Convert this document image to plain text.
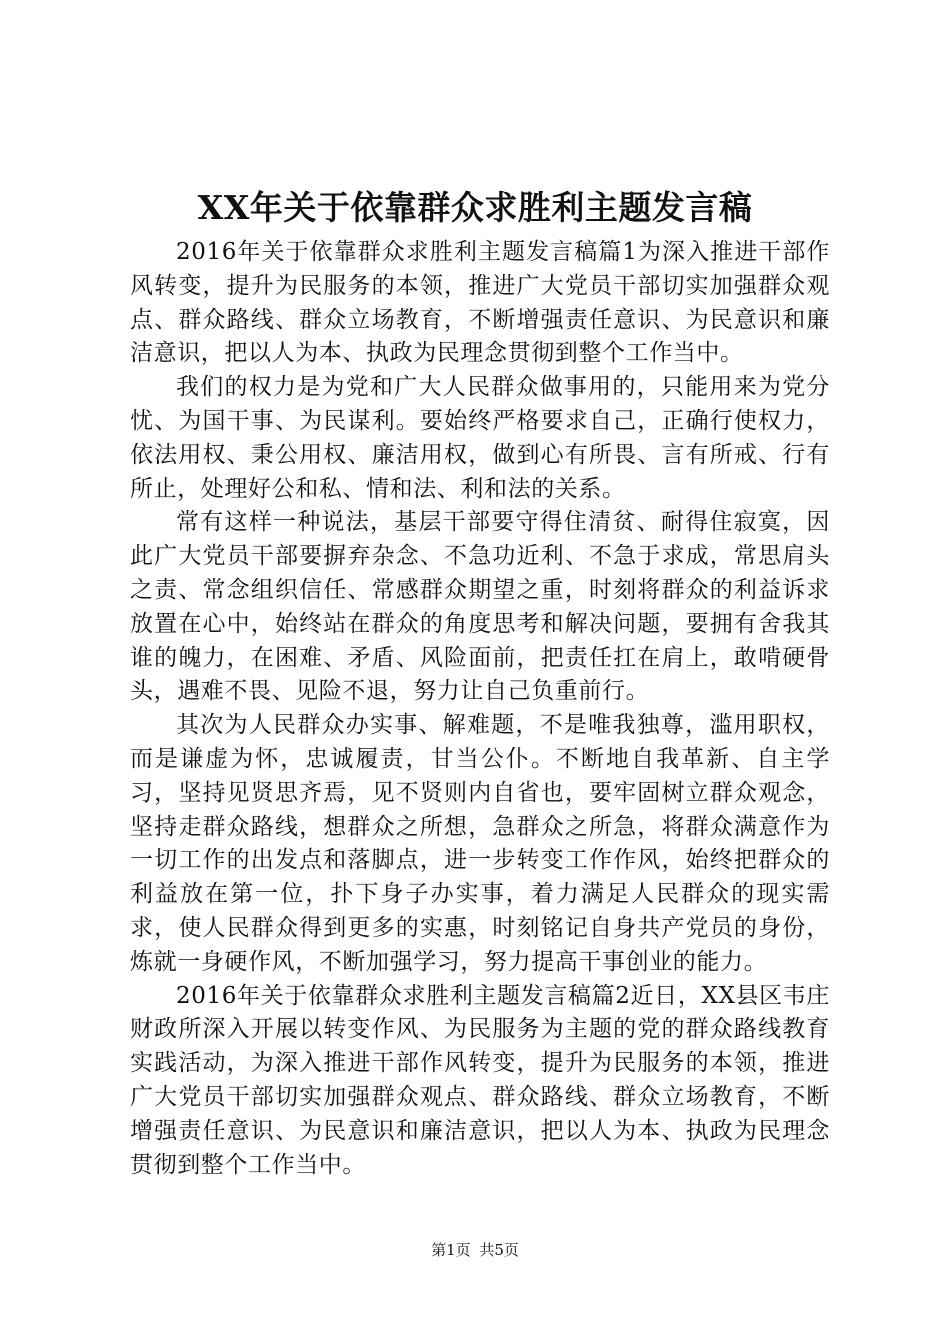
XX年关于依靠群众求胜利主题发言稿

2016年关于依靠群众求胜利主题发言稿篇1为深入推进干部作风转变，提升为民服务的本领，推进广大党员干部切实加强群众观点、群众路线、群众立场教育，不断增强责任意识、为民意识和廉洁意识，把以人为本、执政为民理念贯彻到整个工作当中。

我们的权力是为党和广大人民群众做事用的，只能用来为党分忧、为国干事、为民谋利。要始终严格要求自己，正确行使权力，依法用权、秉公用权、廉洁用权，做到心有所畏、言有所戒、行有所止，处理好公和私、情和法、利和法的关系。

常有这样一种说法，基层干部要守得住清贫、耐得住寂寞，因此广大党员干部要摒弃杂念、不急功近利、不急于求成，常思肩头之责、常念组织信任、常感群众期望之重，时刻将群众的利益诉求放置在心中，始终站在群众的角度思考和解决问题，要拥有舍我其谁的魄力，在困难、矛盾、风险面前，把责任扛在肩上，敢啃硬骨头，遇难不畏、见险不退，努力让自己负重前行。

其次为人民群众办实事、解难题，不是唯我独尊，滥用职权，而是谦虚为怀，忠诚履责，甘当公仆。不断地自我革新、自主学习，坚持见贤思齐焉，见不贤则内自省也，要牢固树立群众观念，坚持走群众路线，想群众之所想，急群众之所急，将群众满意作为一切工作的出发点和落脚点，进一步转变工作作风，始终把群众的利益放在第一位，扑下身子办实事，着力满足人民群众的现实需求，使人民群众得到更多的实惠，时刻铭记自身共产党员的身份，炼就一身硬作风，不断加强学习，努力提高干事创业的能力。

2016年关于依靠群众求胜利主题发言稿篇2近日，XX县区韦庄财政所深入开展以转变作风、为民服务为主题的党的群众路线教育实践活动，为深入推进干部作风转变，提升为民服务的本领，推进广大党员干部切实加强群众观点、群众路线、群众立场教育，不断增强责任意识、为民意识和廉洁意识，把以人为本、执政为民理念贯彻到整个工作当中。

第1页 共5页
